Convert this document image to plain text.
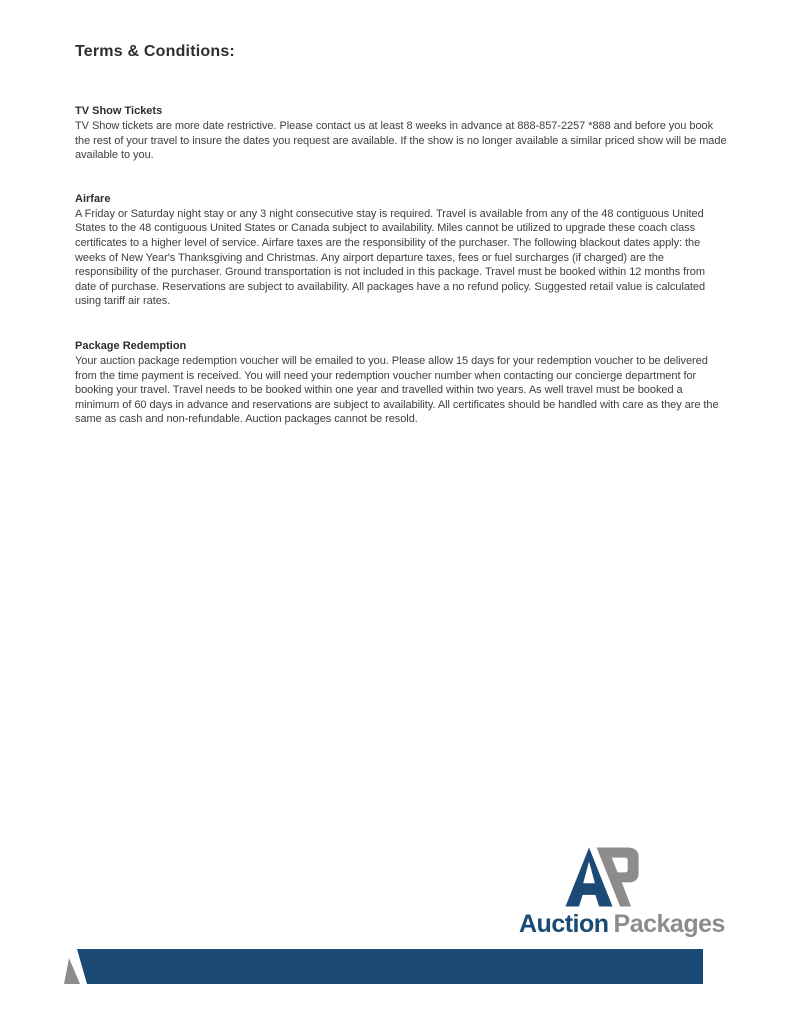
Terms & Conditions:
TV Show Tickets

TV Show tickets are more date restrictive. Please contact us at least 8 weeks in advance at 888-857-2257 *888 and before you book the rest of your travel to insure the dates you request are available. If the show is no longer available a similar priced show will be made available to you.

Airfare

A Friday or Saturday night stay or any 3 night consecutive stay is required. Travel is available from any of the 48 contiguous United States to the 48 contiguous United States or Canada subject to availability. Miles cannot be utilized to upgrade these coach class certificates to a higher level of service. Airfare taxes are the responsibility of the purchaser. The following blackout dates apply: the weeks of New Year's Thanksgiving and Christmas. Any airport departure taxes, fees or fuel surcharges (if charged) are the responsibility of the purchaser. Ground transportation is not included in this package. Travel must be booked within 12 months from date of purchase. Reservations are subject to availability. All packages have a no refund policy. Suggested retail value is calculated using tariff air rates.

Package Redemption

Your auction package redemption voucher will be emailed to you. Please allow 15 days for your redemption voucher to be delivered from the time payment is received. You will need your redemption voucher number when contacting our concierge department for booking your travel. Travel needs to be booked within one year and travelled within two years. As well travel must be booked a minimum of 60 days in advance and reservations are subject to availability. All certificates should be handled with care as they are the same as cash and non-refundable. Auction packages cannot be resold.

Auction Packages
